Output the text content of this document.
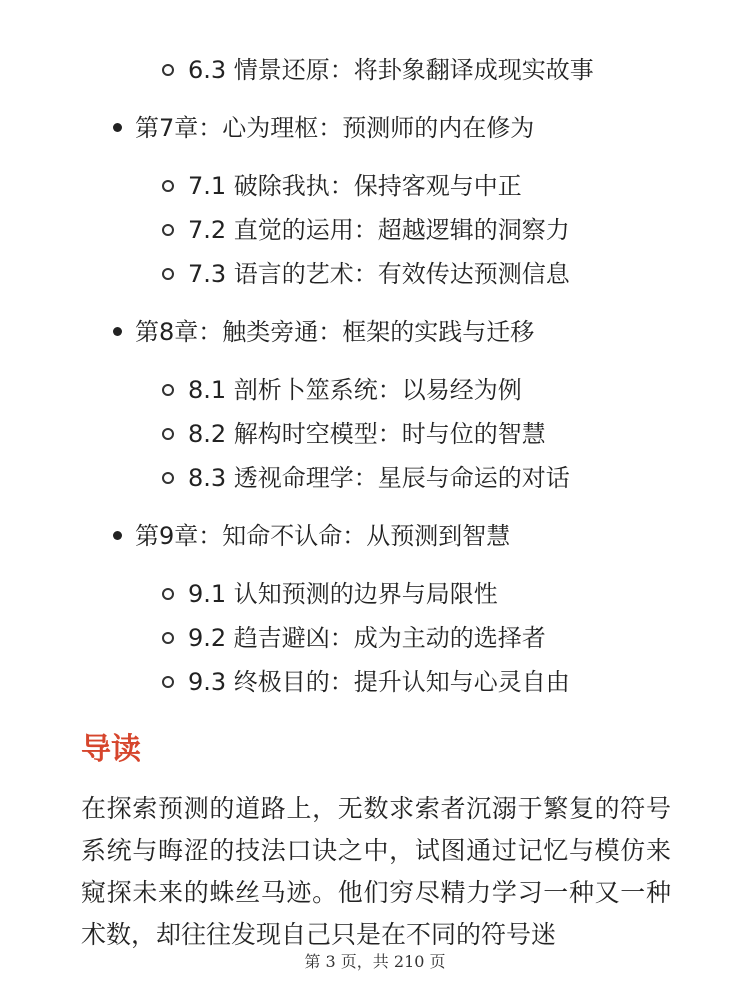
6.3 情景还原：将卦象翻译成现实故事
第7章：心为理枢：预测师的内在修为
7.1 破除我执：保持客观与中正
7.2 直觉的运用：超越逻辑的洞察力
7.3 语言的艺术：有效传达预测信息
第8章：触类旁通：框架的实践与迁移
8.1 剖析卜筮系统：以易经为例
8.2 解构时空模型：时与位的智慧
8.3 透视命理学：星辰与命运的对话
第9章：知命不认命：从预测到智慧
9.1 认知预测的边界与局限性
9.2 趋吉避凶：成为主动的选择者
9.3 终极目的：提升认知与心灵自由
导读
在探索预测的道路上，无数求索者沉溺于繁复的符号系统与晦涩的技法口诀之中，试图通过记忆与模仿来窥探未来的蛛丝马迹。他们穷尽精力学习一种又一种术数，却往往发现自己只是在不同的符号迷
第 3 页，共 210 页
